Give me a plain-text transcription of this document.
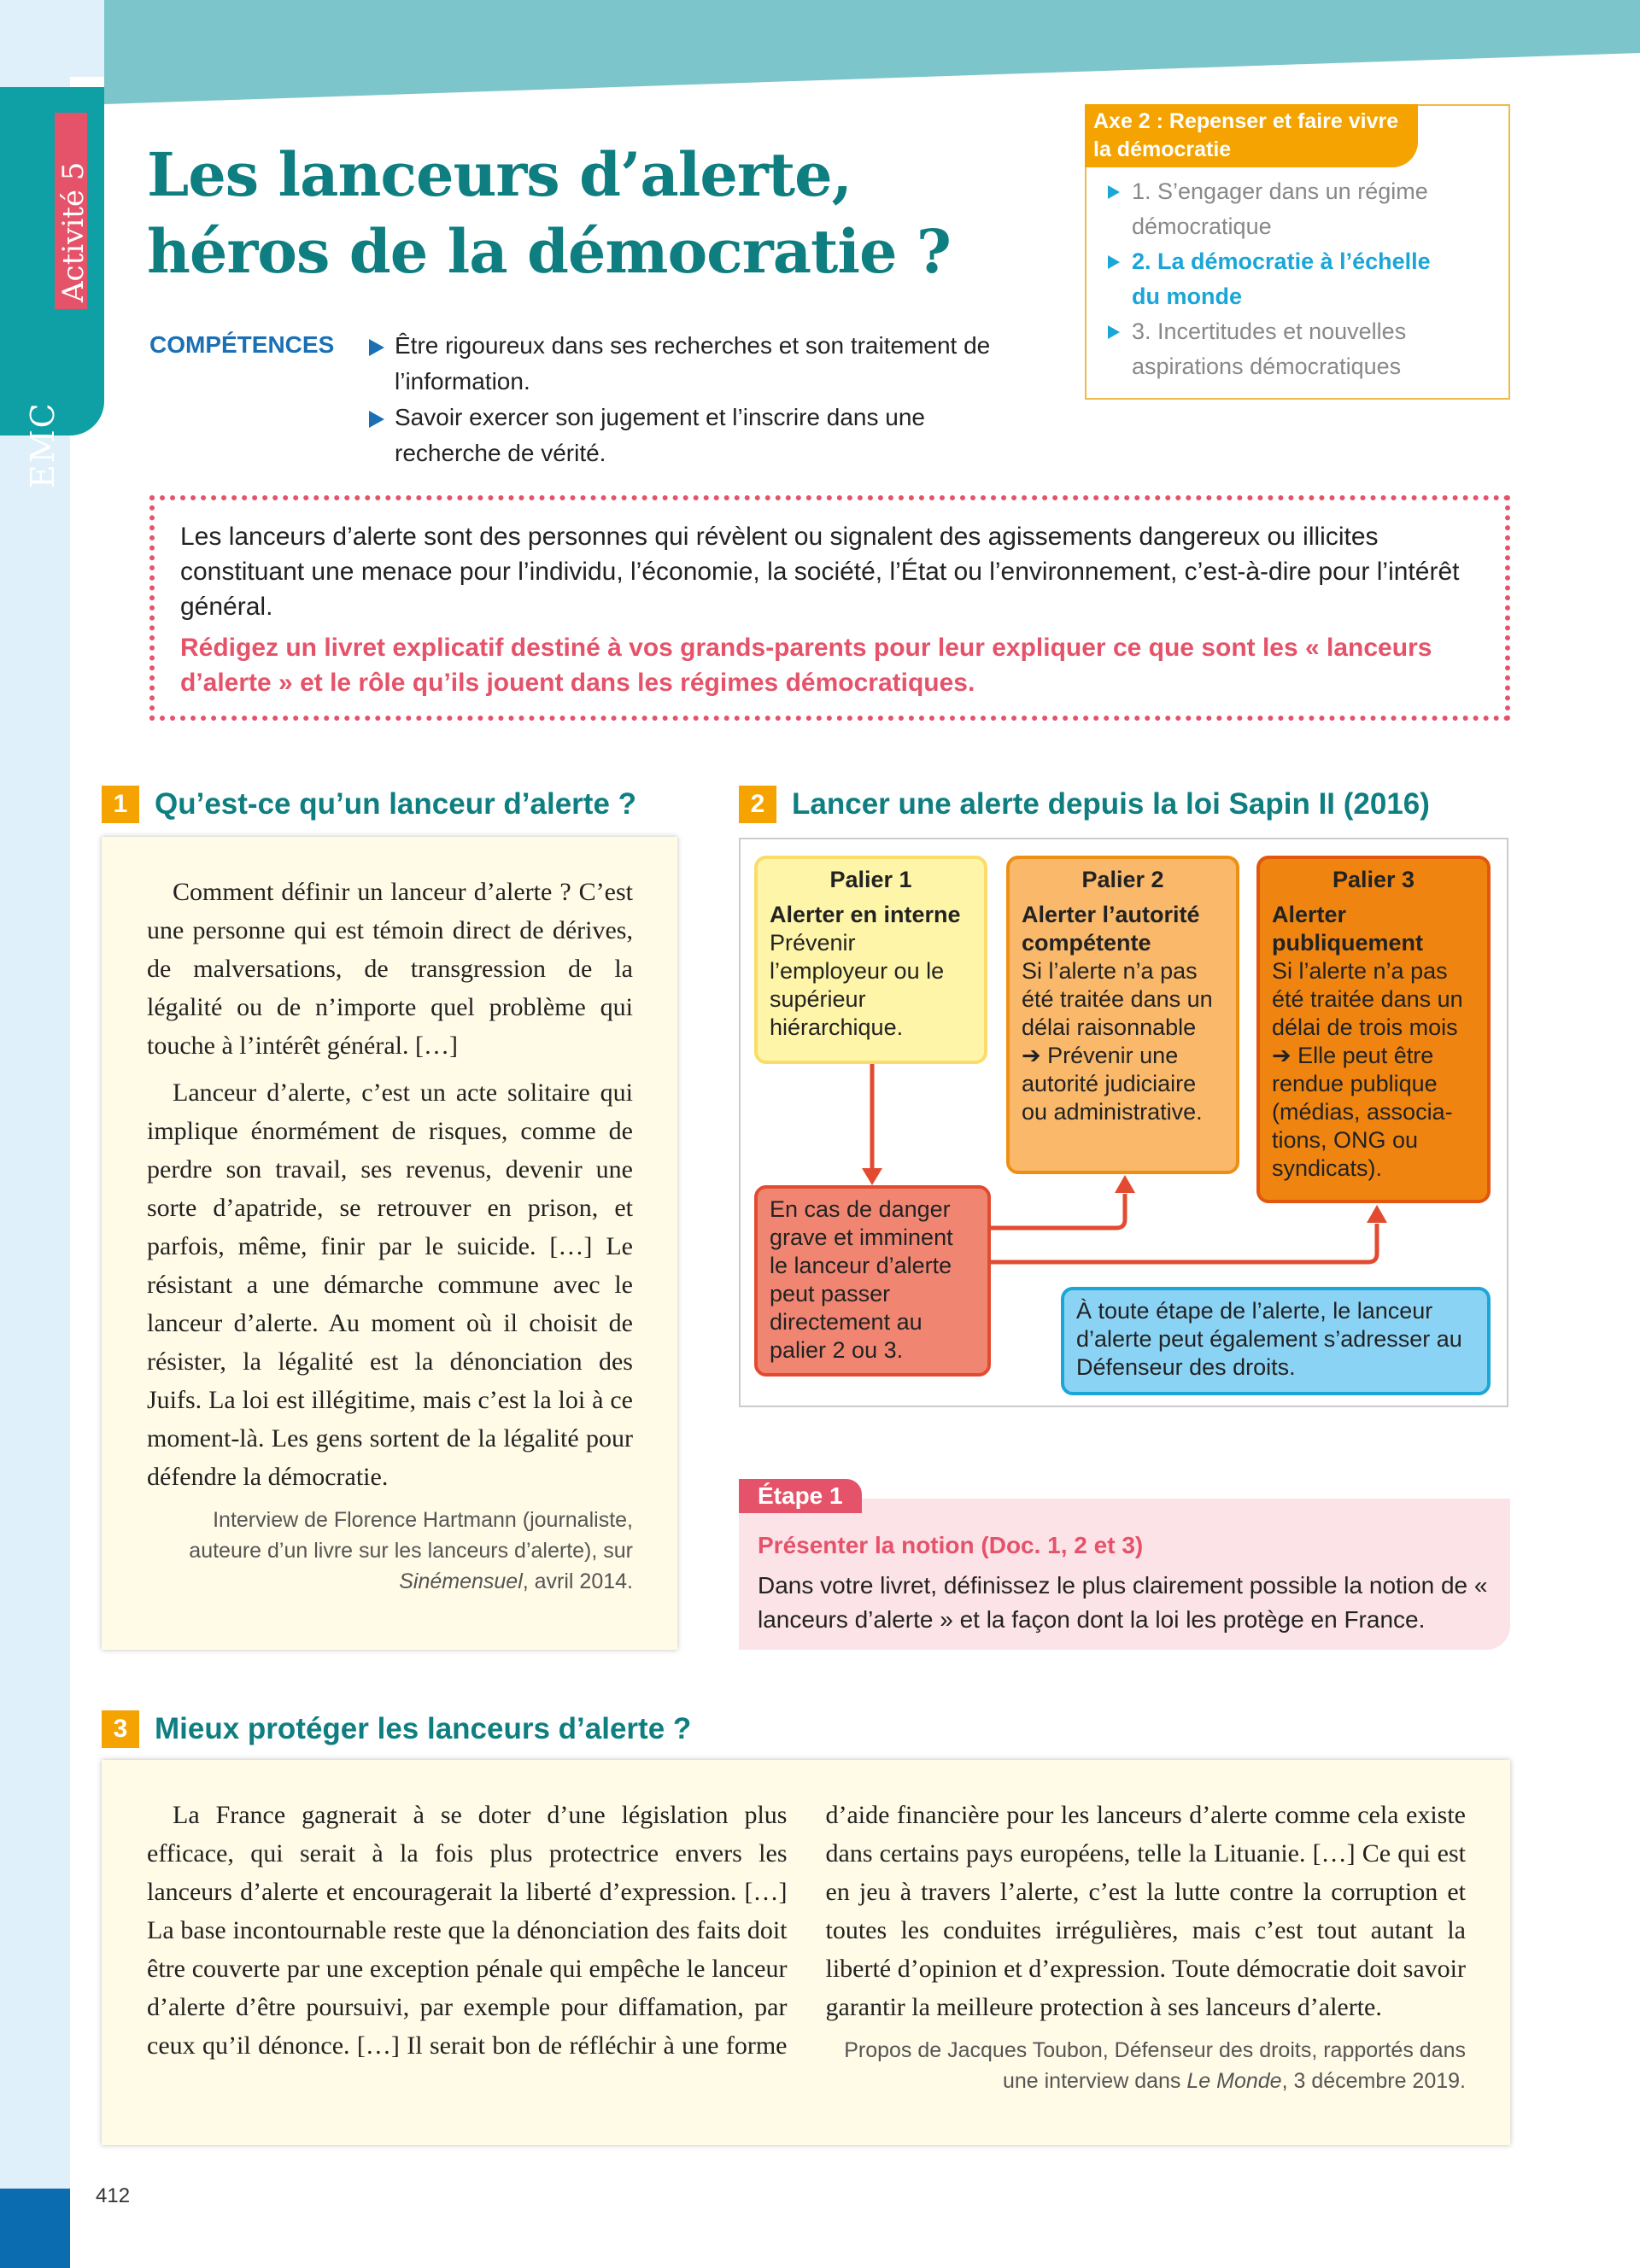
EMC
Activité 5 Les lanceurs d’alerte,
héros de la démocratie ?
COMPÉTENCES	Être rigoureux dans ses recherches et son traitement de l’information.
Savoir exercer son jugement et l’inscrire dans une recherche de vérité.
Axe 2 : Repenser et faire vivre la démocratie
1. S’engager dans un régime démocratique
2. La démocratie à l’échelle du monde
3. Incertitudes et nouvelles aspirations démocratiques

Les lanceurs d’alerte sont des personnes qui révèlent ou signalent des agissements dangereux ou illicites constituant une menace pour l’individu, l’économie, la société, l’État ou l’environnement, c’est-à-dire pour l’intérêt général.

Rédigez un livret explicatif destiné à vos grands-parents pour leur expliquer ce que sont les « lanceurs d’alerte » et le rôle qu’ils jouent dans les régimes démocratiques.

1 Qu’est-ce qu’un lanceur d’alerte ?

Comment définir un lanceur d’alerte ? C’est une personne qui est témoin direct de dérives, de malversations, de transgression de la légalité ou de n’importe quel problème qui touche à l’intérêt général. […]

Lanceur d’alerte, c’est un acte solitaire qui implique énormément de risques, comme de perdre son travail, ses revenus, devenir une sorte d’apatride, se retrouver en prison, et parfois, même, finir par le suicide. […] Le résistant a une démarche commune avec le lanceur d’alerte. Au moment où il choisit de résister, la légalité est la dénonciation des Juifs. La loi est illégitime, mais c’est la loi à ce moment-là. Les gens sortent de la légalité pour défendre la démocratie.

Interview de Florence Hartmann (journaliste, auteure d’un livre sur les lanceurs d’alerte), sur Sinémensuel, avril 2014.
2 Lancer une alerte depuis la loi Sapin II (2016)
Palier 1
Alerter en interne
Prévenir l’employeur ou le supérieur hiérarchique.
Palier 2
Alerter l’autorité compétente
Si l’alerte n’a pas été traitée dans un délai raisonnable
➔ Prévenir une autorité judiciaire ou administrative.
Palier 3
Alerter publiquement
Si l’alerte n’a pas été traitée dans un délai de trois mois
➔ Elle peut être rendue publique (médias, associa-tions, ONG ou syndicats).
En cas de danger grave et imminent le lanceur d’alerte peut passer directement au palier 2 ou 3.
À toute étape de l’alerte, le lanceur d’alerte peut également s’adresser au Défenseur des droits.
Présenter la notion (Doc. 1, 2 et 3)
Dans votre livret, définissez le plus clairement possible la notion de « lanceurs d’alerte » et la façon dont la loi les protège en France.
Étape 1
3 Mieux protéger les lanceurs d’alerte ?

La France gagnerait à se doter d’une législation plus efficace, qui serait à la fois plus protectrice envers les lanceurs d’alerte et encouragerait la liberté d’expression. […] La base incontournable reste que la dénonciation des faits doit être couverte par une exception pénale qui empêche le lanceur d’alerte d’être poursuivi, par exemple pour diffamation, par ceux qu’il dénonce. […] Il serait bon de réfléchir à une forme d’aide financière pour les lanceurs d’alerte comme cela existe dans certains pays européens, telle la Lituanie. […] Ce qui est en jeu à travers l’alerte, c’est la lutte contre la corruption et toutes les conduites irrégulières, mais c’est tout autant la liberté d’opinion et d’expression. Toute démocratie doit savoir garantir la meilleure protection à ses lanceurs d’alerte.

Propos de Jacques Toubon, Défenseur des droits, rapportés dans une interview dans Le Monde, 3 décembre 2019.
412
